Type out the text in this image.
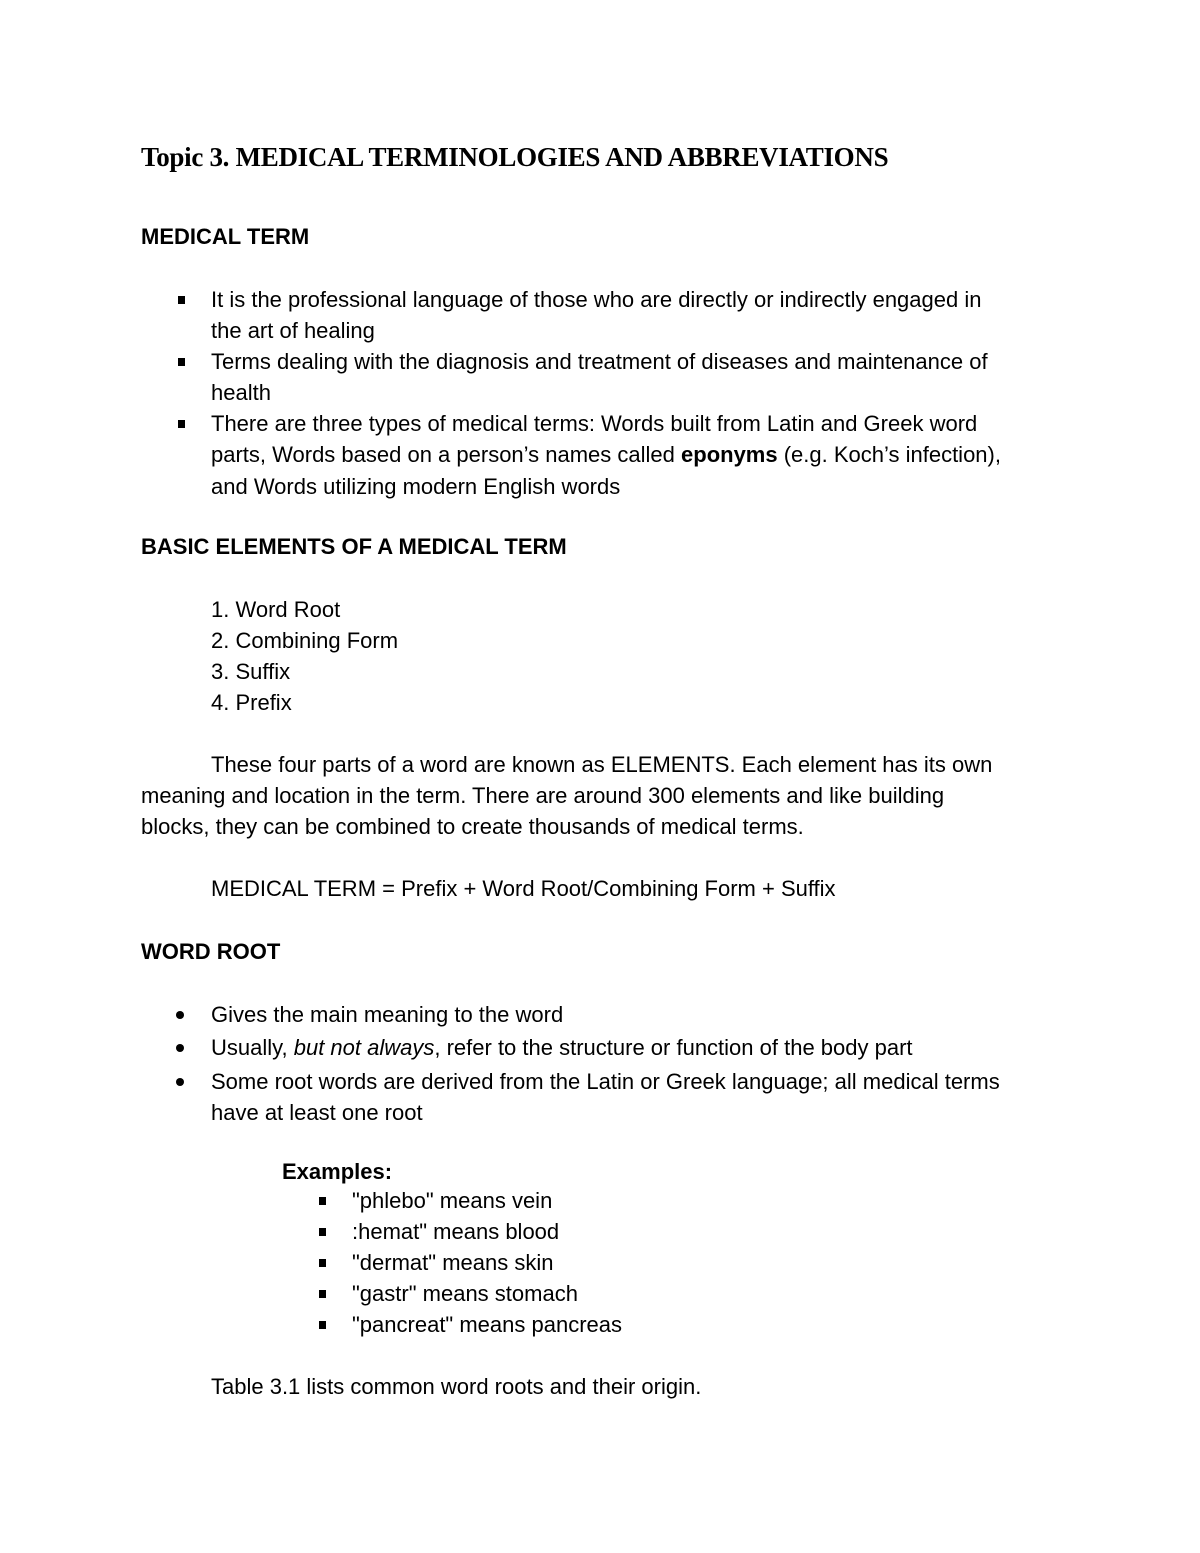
Topic 3. MEDICAL TERMINOLOGIES AND ABBREVIATIONS
MEDICAL TERM
It is the professional language of those who are directly or indirectly engaged in
the art of healing
Terms dealing with the diagnosis and treatment of diseases and maintenance of
health
There are three types of medical terms: Words built from Latin and Greek word
parts, Words based on a person’s names called eponyms (e.g. Koch’s infection),
and Words utilizing modern English words
BASIC ELEMENTS OF A MEDICAL TERM
1. Word Root
2. Combining Form
3. Suffix
4. Prefix
These four parts of a word are known as ELEMENTS. Each element has its own
meaning and location in the term. There are around 300 elements and like building
blocks, they can be combined to create thousands of medical terms.
MEDICAL TERM = Prefix + Word Root/Combining Form + Suffix
WORD ROOT
Gives the main meaning to the word
Usually, but not always, refer to the structure or function of the body part
Some root words are derived from the Latin or Greek language; all medical terms
have at least one root
Examples:
"phlebo" means vein
:hemat" means blood
"dermat" means skin
"gastr" means stomach
"pancreat" means pancreas
Table 3.1 lists common word roots and their origin.
